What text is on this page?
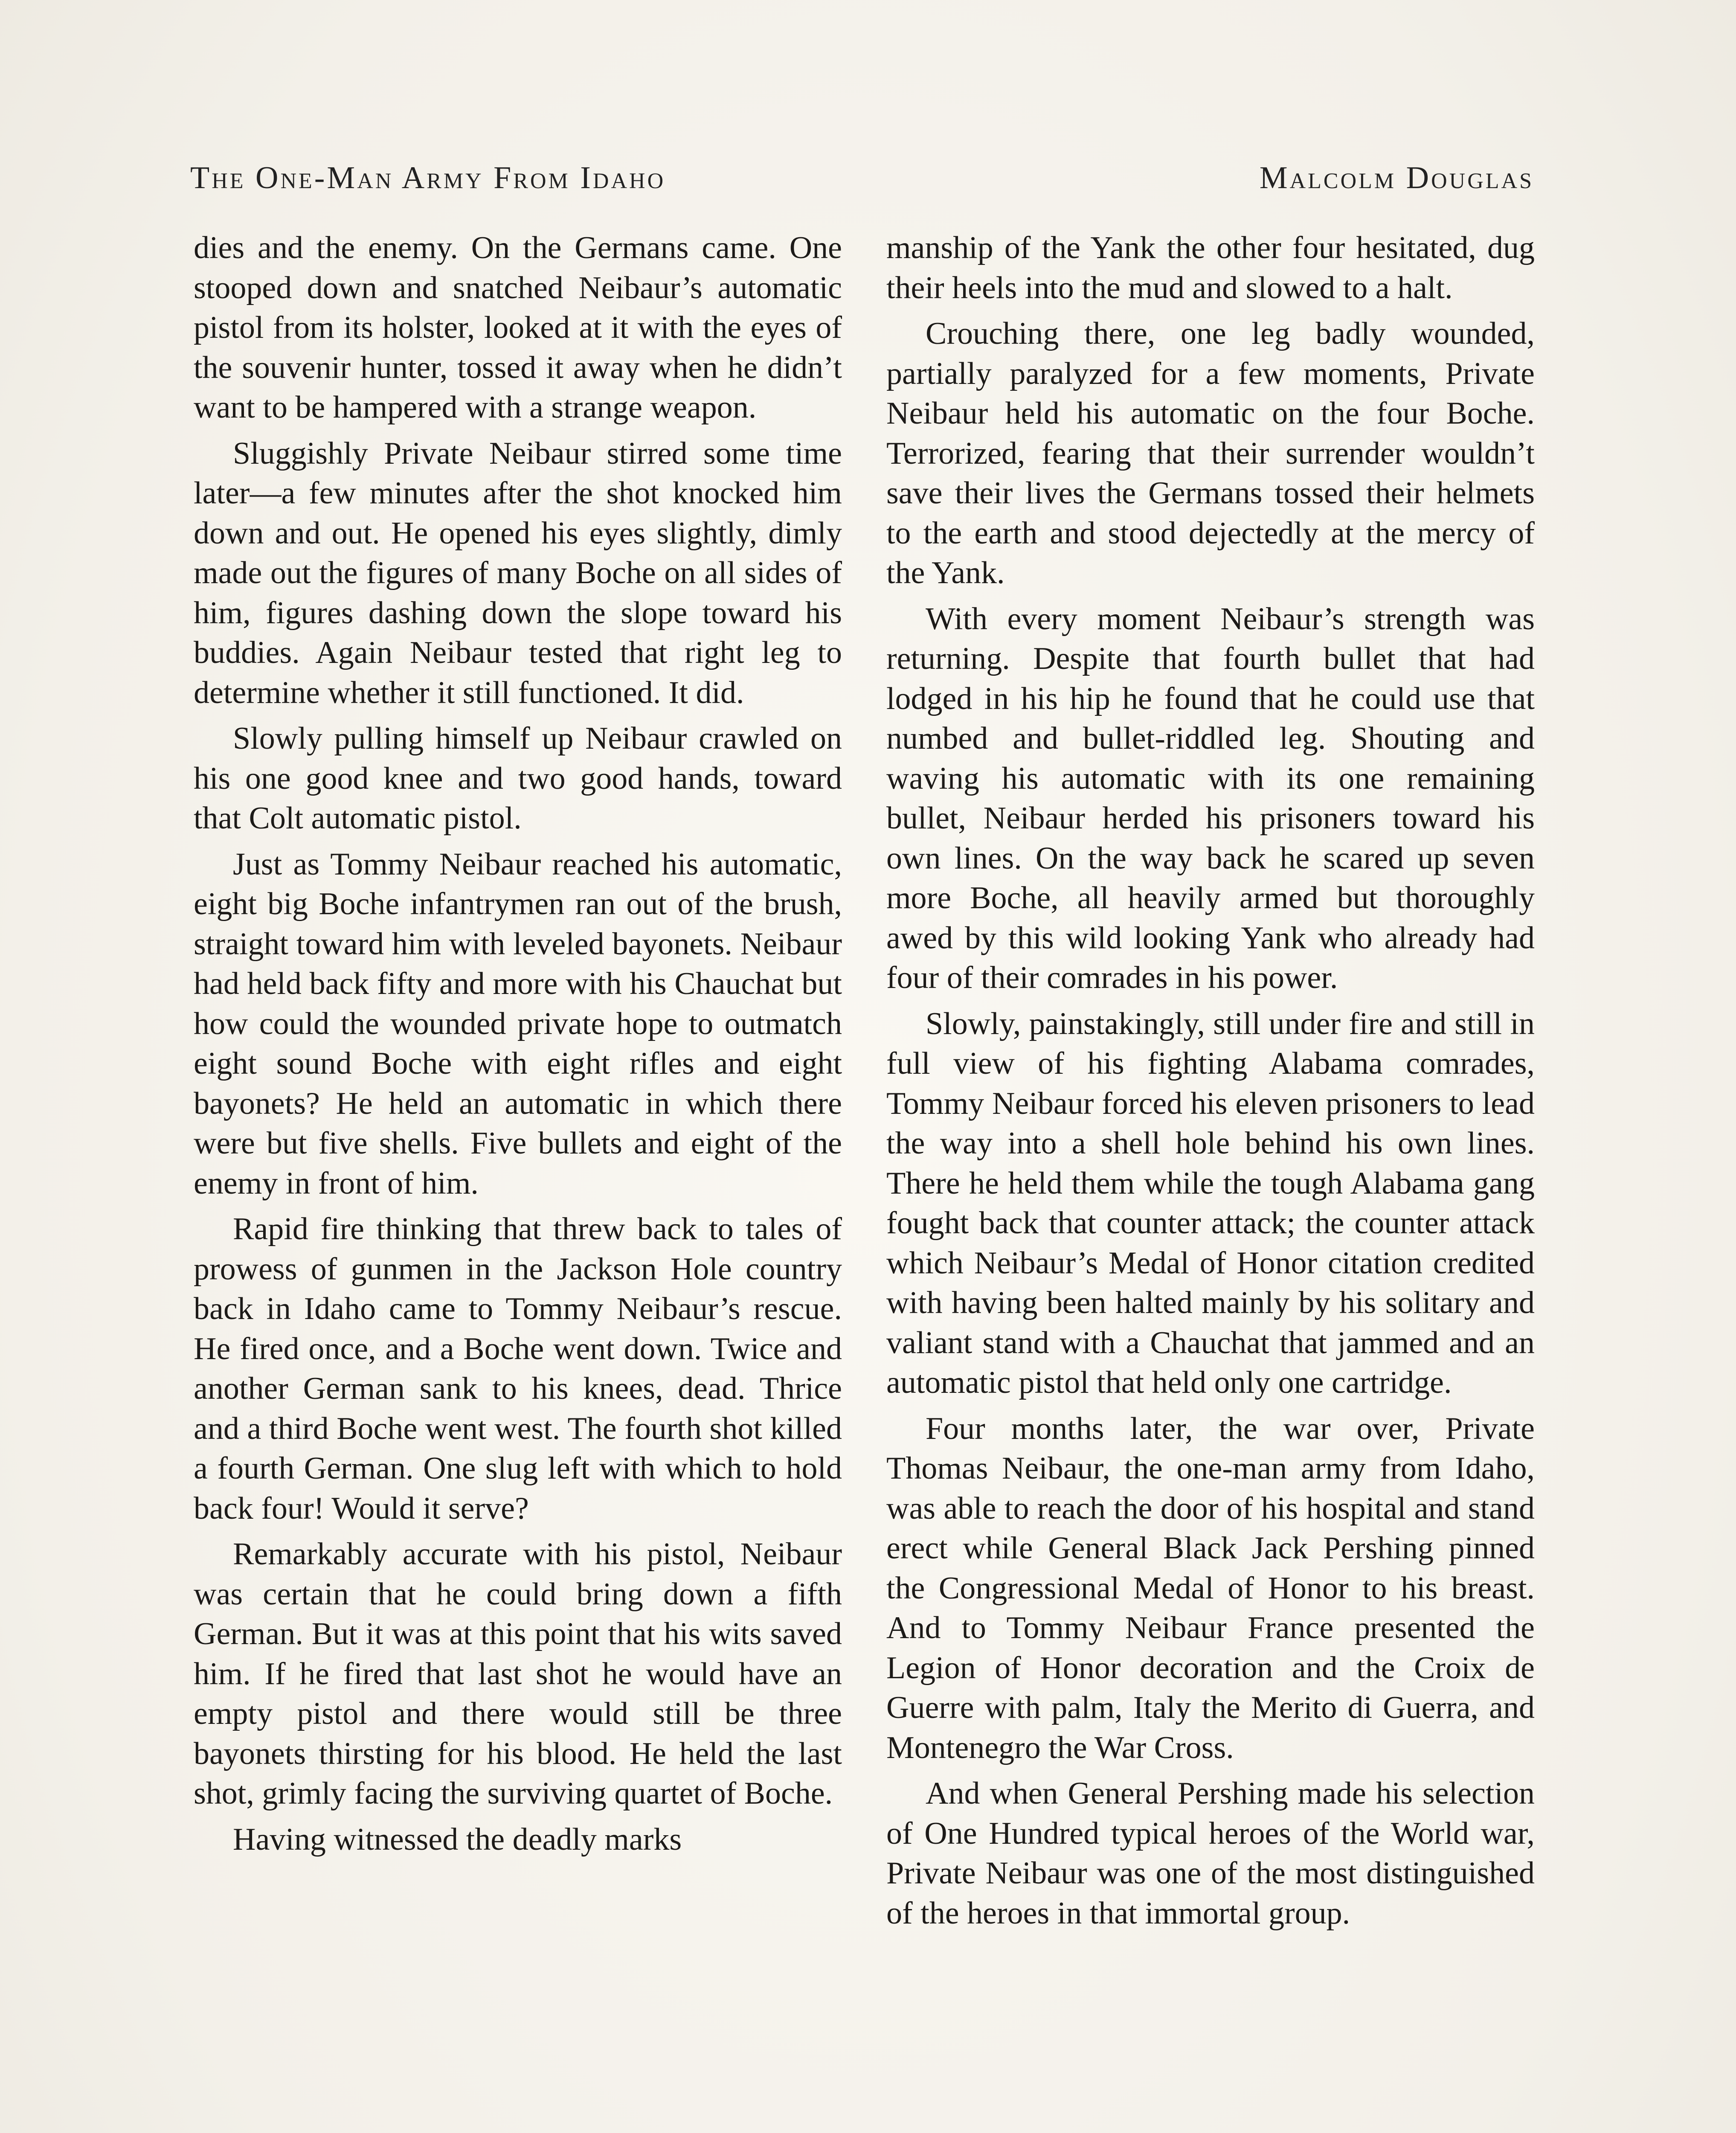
The One-Man Army From Idaho	Malcolm Douglas

dies and the enemy. On the Germans came. One stooped down and snatched Neibaur’s automatic pistol from its holster, looked at it with the eyes of the souvenir hunter, tossed it away when he didn’t want to be hampered with a strange weapon.

Sluggishly Private Neibaur stirred some time later—a few minutes after the shot knocked him down and out. He opened his eyes slightly, dimly made out the figures of many Boche on all sides of him, figures dashing down the slope toward his buddies. Again Neibaur tested that right leg to determine whether it still functioned. It did.

Slowly pulling himself up Neibaur crawled on his one good knee and two good hands, toward that Colt automatic pistol.

Just as Tommy Neibaur reached his automatic, eight big Boche infantrymen ran out of the brush, straight toward him with leveled bayonets. Neibaur had held back fifty and more with his Chauchat but how could the wounded private hope to outmatch eight sound Boche with eight rifles and eight bayonets? He held an automatic in which there were but five shells. Five bullets and eight of the enemy in front of him.

Rapid fire thinking that threw back to tales of prowess of gunmen in the Jackson Hole country back in Idaho came to Tommy Neibaur’s rescue. He fired once, and a Boche went down. Twice and another German sank to his knees, dead. Thrice and a third Boche went west. The fourth shot killed a fourth German. One slug left with which to hold back four! Would it serve?

Remarkably accurate with his pistol, Neibaur was certain that he could bring down a fifth German. But it was at this point that his wits saved him. If he fired that last shot he would have an empty pistol and there would still be three bayonets thirsting for his blood. He held the last shot, grimly facing the surviving quartet of Boche.

Having witnessed the deadly marks

manship of the Yank the other four hesitated, dug their heels into the mud and slowed to a halt.

Crouching there, one leg badly wounded, partially paralyzed for a few moments, Private Neibaur held his automatic on the four Boche. Terrorized, fearing that their surrender wouldn’t save their lives the Germans tossed their helmets to the earth and stood dejectedly at the mercy of the Yank.

With every moment Neibaur’s strength was returning. Despite that fourth bullet that had lodged in his hip he found that he could use that numbed and bullet-riddled leg. Shouting and waving his automatic with its one remaining bullet, Neibaur herded his prisoners toward his own lines. On the way back he scared up seven more Boche, all heavily armed but thoroughly awed by this wild looking Yank who already had four of their comrades in his power.

Slowly, painstakingly, still under fire and still in full view of his fighting Alabama comrades, Tommy Neibaur forced his eleven prisoners to lead the way into a shell hole behind his own lines. There he held them while the tough Alabama gang fought back that counter attack; the counter attack which Neibaur’s Medal of Honor citation credited with having been halted mainly by his solitary and valiant stand with a Chauchat that jammed and an automatic pistol that held only one cartridge.

Four months later, the war over, Private Thomas Neibaur, the one-man army from Idaho, was able to reach the door of his hospital and stand erect while General Black Jack Pershing pinned the Congressional Medal of Honor to his breast. And to Tommy Neibaur France presented the Legion of Honor decoration and the Croix de Guerre with palm, Italy the Merito di Guerra, and Montenegro the War Cross.

And when General Pershing made his selection of One Hundred typical heroes of the World war, Private Neibaur was one of the most distinguished of the heroes in that immortal group.
